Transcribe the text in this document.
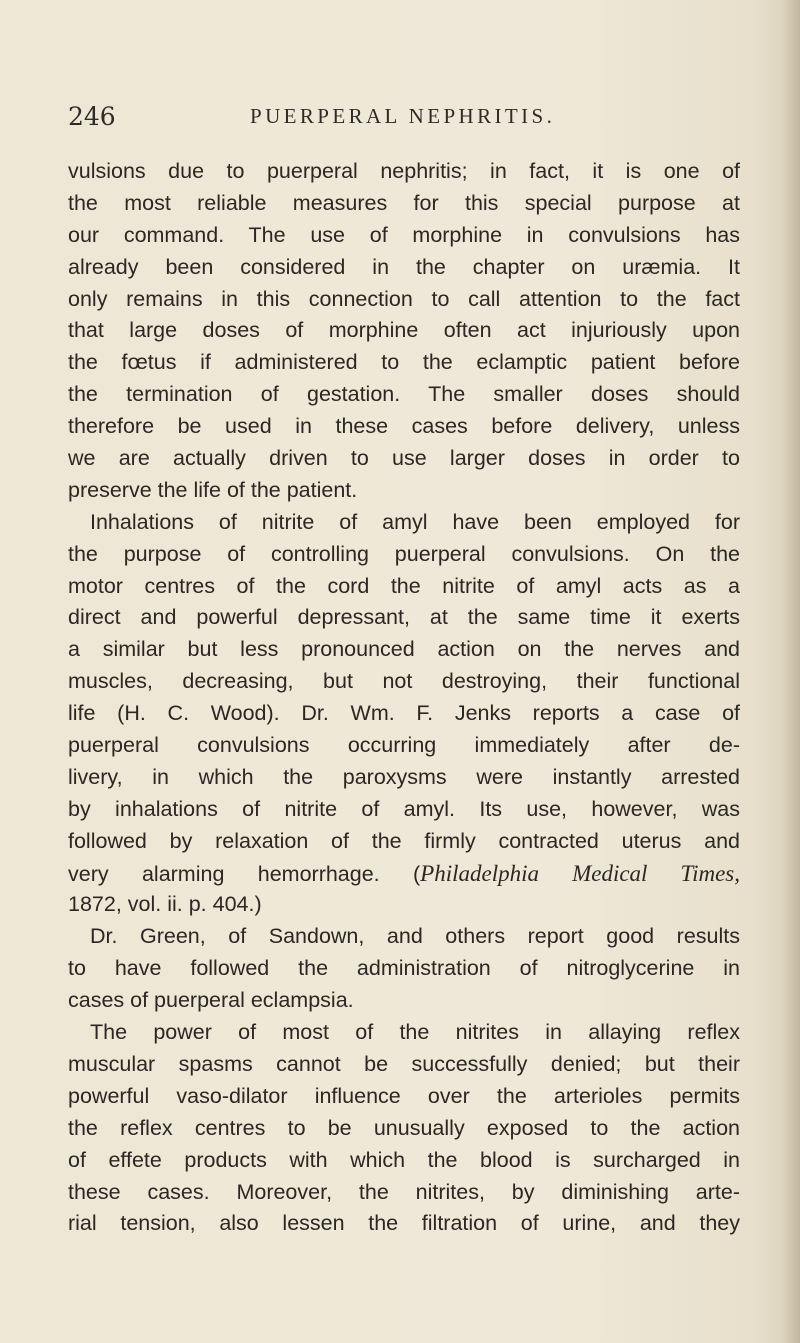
246	PUERPERAL NEPHRITIS.
vulsions due to puerperal nephritis; in fact, it is one of
the most reliable measures for this special purpose at
our command. The use of morphine in convulsions has
already been considered in the chapter on uræmia. It
only remains in this connection to call attention to the fact
that large doses of morphine often act injuriously upon
the fœtus if administered to the eclamptic patient before
the termination of gestation. The smaller doses should
therefore be used in these cases before delivery, unless
we are actually driven to use larger doses in order to
preserve the life of the patient.
Inhalations of nitrite of amyl have been employed for
the purpose of controlling puerperal convulsions. On the
motor centres of the cord the nitrite of amyl acts as a
direct and powerful depressant, at the same time it exerts
a similar but less pronounced action on the nerves and
muscles, decreasing, but not destroying, their functional
life (H. C. Wood). Dr. Wm. F. Jenks reports a case of
puerperal convulsions occurring immediately after de-
livery, in which the paroxysms were instantly arrested
by inhalations of nitrite of amyl. Its use, however, was
followed by relaxation of the firmly contracted uterus and
very alarming hemorrhage. (Philadelphia Medical Times,
1872, vol. ii. p. 404.)
Dr. Green, of Sandown, and others report good results
to have followed the administration of nitroglycerine in
cases of puerperal eclampsia.
The power of most of the nitrites in allaying reflex
muscular spasms cannot be successfully denied; but their
powerful vaso-dilator influence over the arterioles permits
the reflex centres to be unusually exposed to the action
of effete products with which the blood is surcharged in
these cases. Moreover, the nitrites, by diminishing arte-
rial tension, also lessen the filtration of urine, and they
